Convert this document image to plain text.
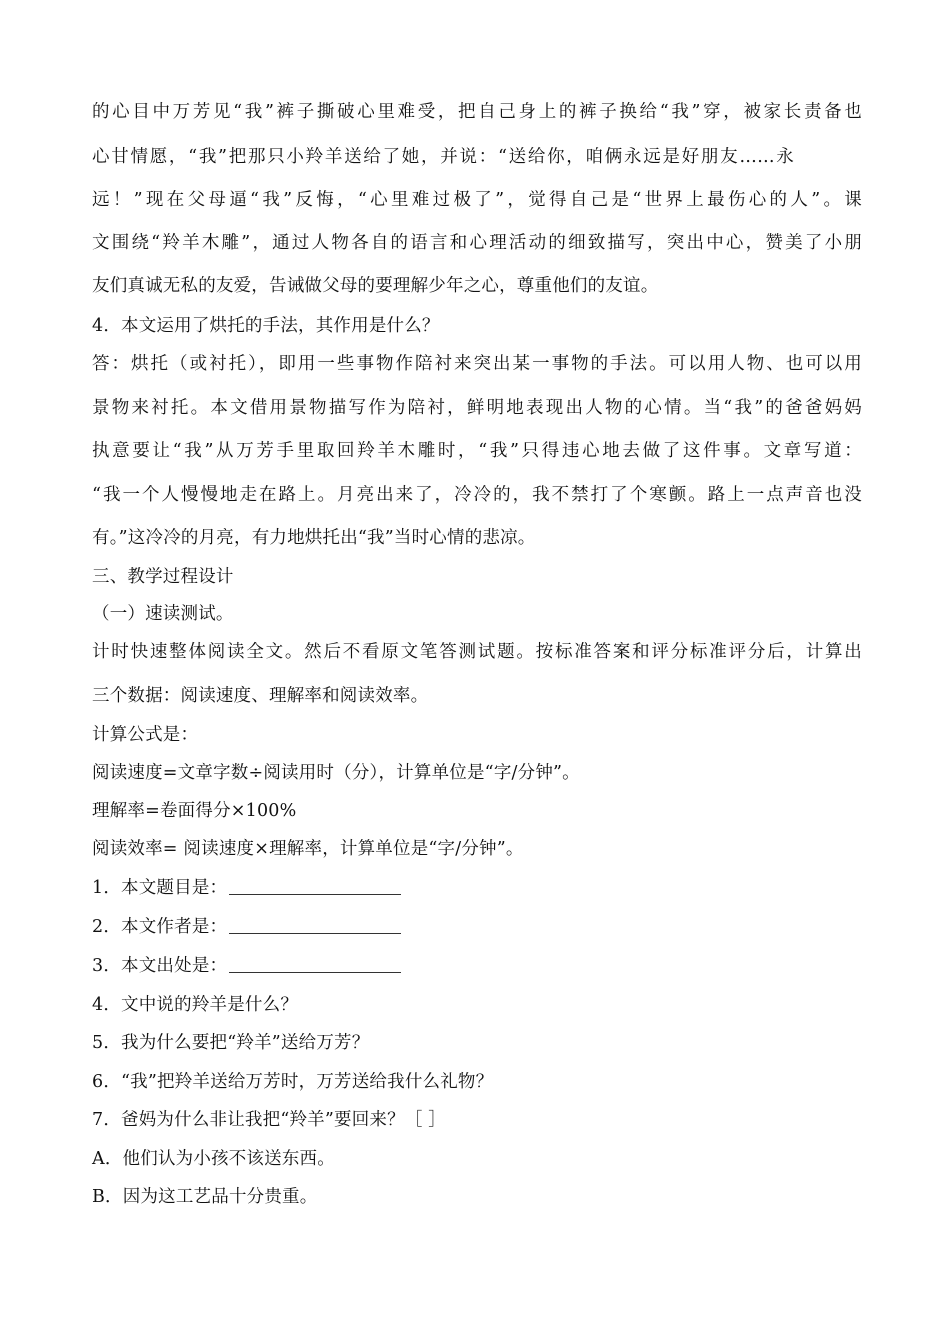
的心目中万芳见“我”裤子撕破心里难受，把自己身上的裤子换给“我”穿，被家长责备也
心甘情愿，“我”把那只小羚羊送给了她，并说：“送给你，咱俩永远是好朋友……永
远！”现在父母逼“我”反悔，“心里难过极了”，觉得自己是“世界上最伤心的人”。课
文围绕“羚羊木雕”，通过人物各自的语言和心理活动的细致描写，突出中心，赞美了小朋
友们真诚无私的友爱，告诫做父母的要理解少年之心，尊重他们的友谊。
4．本文运用了烘托的手法，其作用是什么？
答：烘托（或衬托），即用一些事物作陪衬来突出某一事物的手法。可以用人物、也可以用
景物来衬托。本文借用景物描写作为陪衬，鲜明地表现出人物的心情。当“我”的爸爸妈妈
执意要让“我”从万芳手里取回羚羊木雕时，“我”只得违心地去做了这件事。文章写道：
“我一个人慢慢地走在路上。月亮出来了，冷冷的，我不禁打了个寒颤。路上一点声音也没
有。”这冷冷的月亮，有力地烘托出“我”当时心情的悲凉。
三、教学过程设计
（一）速读测试。
计时快速整体阅读全文。然后不看原文笔答测试题。按标准答案和评分标准评分后，计算出
三个数据：阅读速度、理解率和阅读效率。
计算公式是：
阅读速度=文章字数÷阅读用时（分），计算单位是“字/分钟”。
理解率=卷面得分×100%
阅读效率= 阅读速度×理解率，计算单位是“字/分钟”。
1．本文题目是：
2．本文作者是：
3．本文出处是：
4．文中说的羚羊是什么？
5．我为什么要把“羚羊”送给万芳？
6．“我”把羚羊送给万芳时，万芳送给我什么礼物？
7．爸妈为什么非让我把“羚羊”要回来？［ ］
A．他们认为小孩不该送东西。
B．因为这工艺品十分贵重。
